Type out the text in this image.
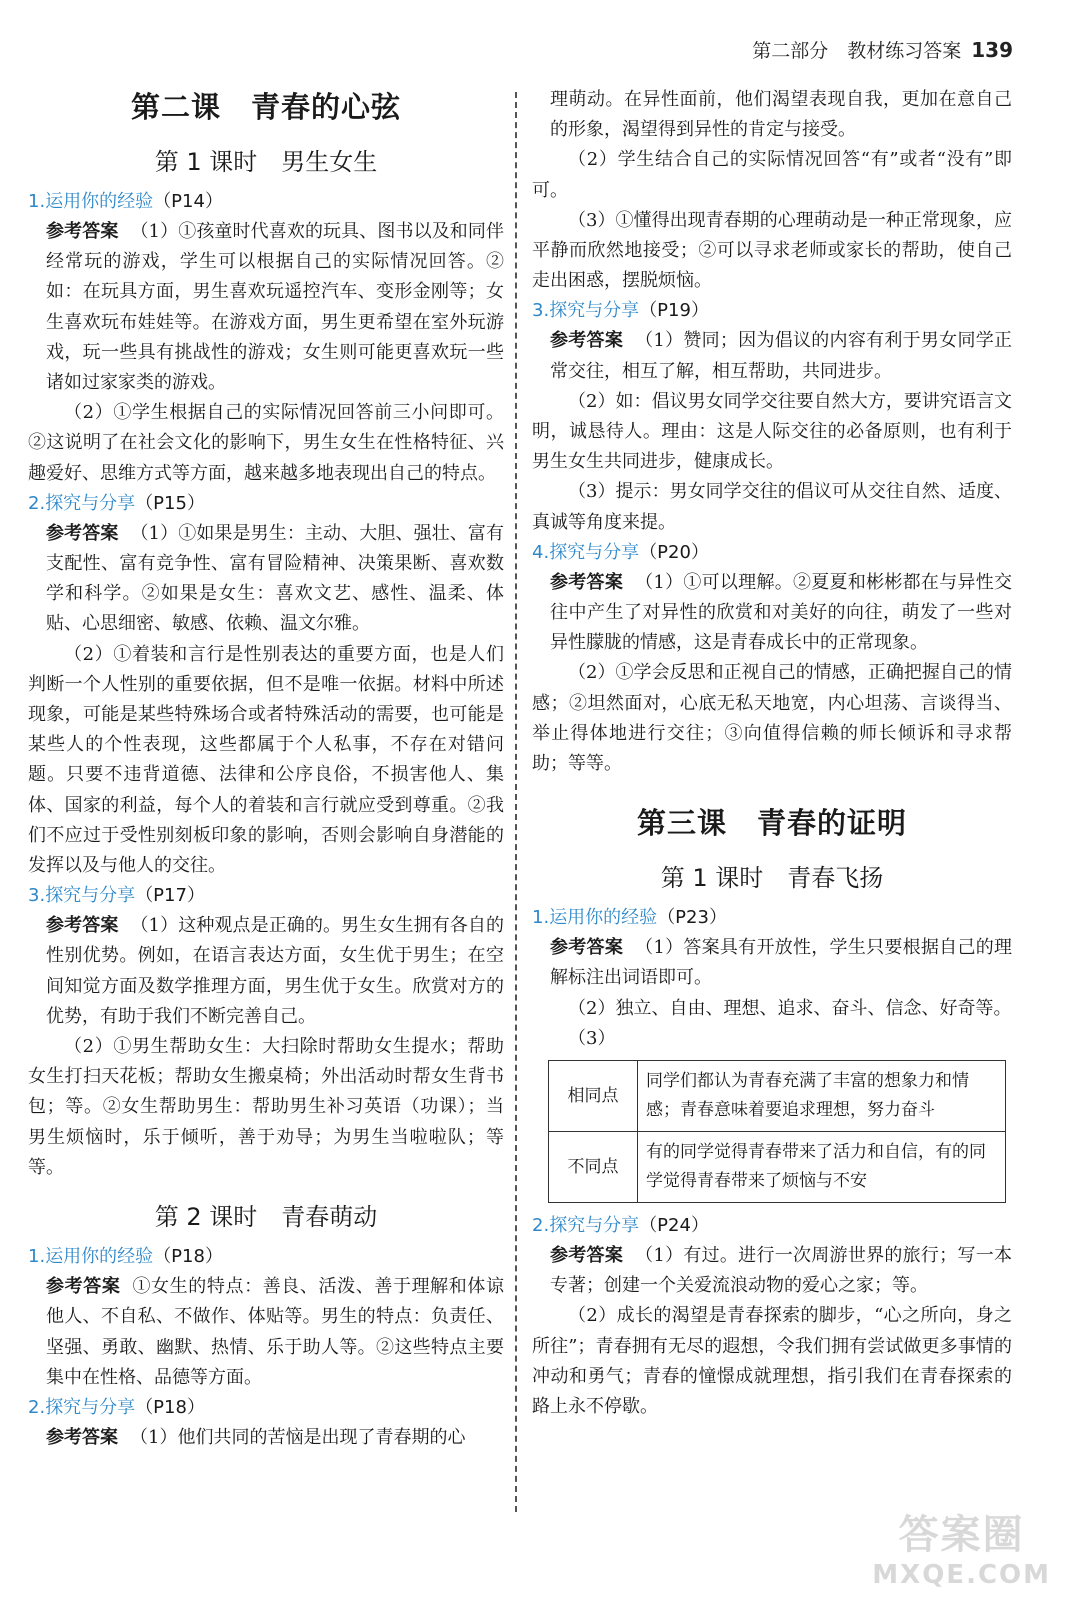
第二部分　教材练习答案 139
第二课　青春的心弦
第 1 课时　男生女生

1.运用你的经验（P14）

参考答案 （1）①孩童时代喜欢的玩具、图书以及和同伴经常玩的游戏，学生可以根据自己的实际情况回答。②如：在玩具方面，男生喜欢玩遥控汽车、变形金刚等；女生喜欢玩布娃娃等。在游戏方面，男生更希望在室外玩游戏，玩一些具有挑战性的游戏；女生则可能更喜欢玩一些诸如过家家类的游戏。

（2）①学生根据自己的实际情况回答前三小问即可。②这说明了在社会文化的影响下，男生女生在性格特征、兴趣爱好、思维方式等方面，越来越多地表现出自己的特点。

2.探究与分享（P15）

参考答案 （1）①如果是男生：主动、大胆、强壮、富有支配性、富有竞争性、富有冒险精神、决策果断、喜欢数学和科学。②如果是女生：喜欢文艺、感性、温柔、体贴、心思细密、敏感、依赖、温文尔雅。

（2）①着装和言行是性别表达的重要方面，也是人们判断一个人性别的重要依据，但不是唯一依据。材料中所述现象，可能是某些特殊场合或者特殊活动的需要，也可能是某些人的个性表现，这些都属于个人私事，不存在对错问题。只要不违背道德、法律和公序良俗，不损害他人、集体、国家的利益，每个人的着装和言行就应受到尊重。②我们不应过于受性别刻板印象的影响，否则会影响自身潜能的发挥以及与他人的交往。

3.探究与分享（P17）

参考答案 （1）这种观点是正确的。男生女生拥有各自的性别优势。例如，在语言表达方面，女生优于男生；在空间知觉方面及数学推理方面，男生优于女生。欣赏对方的优势，有助于我们不断完善自己。

（2）①男生帮助女生：大扫除时帮助女生提水；帮助女生打扫天花板；帮助女生搬桌椅；外出活动时帮女生背书包；等。②女生帮助男生：帮助男生补习英语（功课）；当男生烦恼时，乐于倾听，善于劝导；为男生当啦啦队；等等。

第 2 课时　青春萌动

1.运用你的经验（P18）

参考答案 ①女生的特点：善良、活泼、善于理解和体谅他人、不自私、不做作、体贴等。男生的特点：负责任、坚强、勇敢、幽默、热情、乐于助人等。②这些特点主要集中在性格、品德等方面。

2.探究与分享（P18）

参考答案 （1）他们共同的苦恼是出现了青春期的心

理萌动。在异性面前，他们渴望表现自我，更加在意自己的形象，渴望得到异性的肯定与接受。

（2）学生结合自己的实际情况回答“有”或者“没有”即可。

（3）①懂得出现青春期的心理萌动是一种正常现象，应平静而欣然地接受；②可以寻求老师或家长的帮助，使自己走出困惑，摆脱烦恼。

3.探究与分享（P19）

参考答案 （1）赞同；因为倡议的内容有利于男女同学正常交往，相互了解，相互帮助，共同进步。

（2）如：倡议男女同学交往要自然大方，要讲究语言文明，诚恳待人。理由：这是人际交往的必备原则，也有利于男生女生共同进步，健康成长。

（3）提示：男女同学交往的倡议可从交往自然、适度、真诚等角度来提。

4.探究与分享（P20）

参考答案 （1）①可以理解。②夏夏和彬彬都在与异性交往中产生了对异性的欣赏和对美好的向往，萌发了一些对异性朦胧的情感，这是青春成长中的正常现象。

（2）①学会反思和正视自己的情感，正确把握自己的情感；②坦然面对，心底无私天地宽，内心坦荡、言谈得当、举止得体地进行交往；③向值得信赖的师长倾诉和寻求帮助；等等。

第三课　青春的证明
第 1 课时　青春飞扬

1.运用你的经验（P23）

参考答案 （1）答案具有开放性，学生只要根据自己的理解标注出词语即可。

（2）独立、自由、理想、追求、奋斗、信念、好奇等。

（3）

相同点	同学们都认为青春充满了丰富的想象力和情感；青春意味着要追求理想，努力奋斗
不同点	有的同学觉得青春带来了活力和自信，有的同学觉得青春带来了烦恼与不安

2.探究与分享（P24）

参考答案 （1）有过。进行一次周游世界的旅行；写一本专著；创建一个关爱流浪动物的爱心之家；等。

（2）成长的渴望是青春探索的脚步，“心之所向，身之所往”；青春拥有无尽的遐想，令我们拥有尝试做更多事情的冲动和勇气；青春的憧憬成就理想，指引我们在青春探索的路上永不停歇。

答案圈
MXQE.COM
